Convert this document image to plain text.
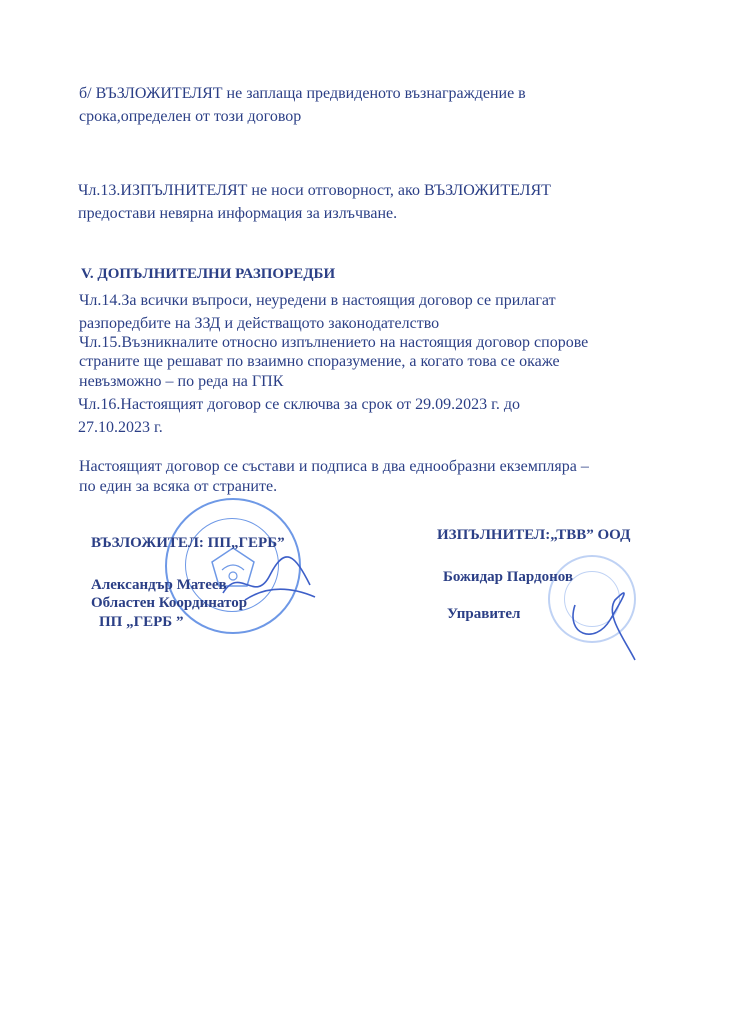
б/ ВЪЗЛОЖИТЕЛЯТ не заплаща предвиденото възнаграждение в
срока,определен от този договор
Чл.13.ИЗПЪЛНИТЕЛЯТ не носи отговорност, ако ВЪЗЛОЖИТЕЛЯТ
предостави невярна информация за излъчване.
V. ДОПЪЛНИТЕЛНИ РАЗПОРЕДБИ
Чл.14.За всички въпроси, неуредени в настоящия договор се прилагат
разпоредбите на ЗЗД и действащото законодателство
Чл.15.Възникналите относно изпълнението на настоящия договор спорове
страните ще решават по взаимно споразумение, а когато това се окаже
невъзможно – по реда на ГПК
Чл.16.Настоящият договор се сключва за срок от 29.09.2023 г. до
27.10.2023 г.
Настоящият договор се състави и подписа в два еднообразни екземпляра –
по един за всяка от страните.
ВЪЗЛОЖИТЕЛ: ПП„ГЕРБ”
Александър Матеев
Областен Координатор
ПП „ГЕРБ ”
ИЗПЪЛНИТЕЛ:„ТВВ” ООД
Божидар Пардонов
Управител
